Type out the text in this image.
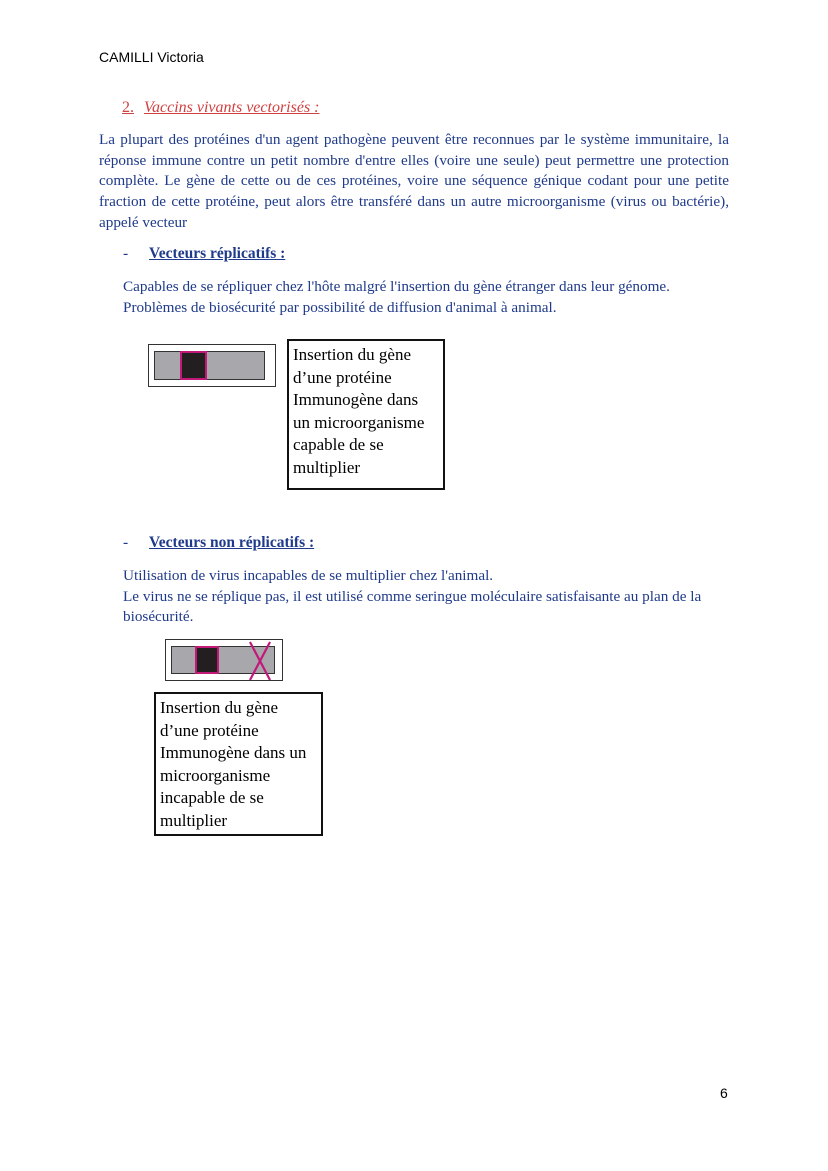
CAMILLI Victoria
2. Vaccins vivants vectorisés :

La plupart des protéines d'un agent pathogène peuvent être reconnues par le système immunitaire, la réponse immune contre un petit nombre d'entre elles (voire une seule) peut permettre une protection complète. Le gène de cette ou de ces protéines, voire une séquence génique codant pour une petite fraction de cette protéine, peut alors être transféré dans un autre microorganisme (virus ou bactérie), appelé vecteur

- Vecteurs réplicatifs :

Capables de se répliquer chez l'hôte malgré l'insertion du gène étranger dans leur génome.
Problèmes de biosécurité par possibilité de diffusion d'animal à animal.

Insertion du gène
d’une protéine
Immunogène dans
un microorganisme
capable de se
multiplier
- Vecteurs non réplicatifs :

Utilisation de virus incapables de se multiplier chez l'animal.
Le virus ne se réplique pas, il est utilisé comme seringue moléculaire satisfaisante au plan de la biosécurité.

Insertion du gène
d’une protéine
Immunogène dans un
microorganisme
incapable de se
multiplier
6
